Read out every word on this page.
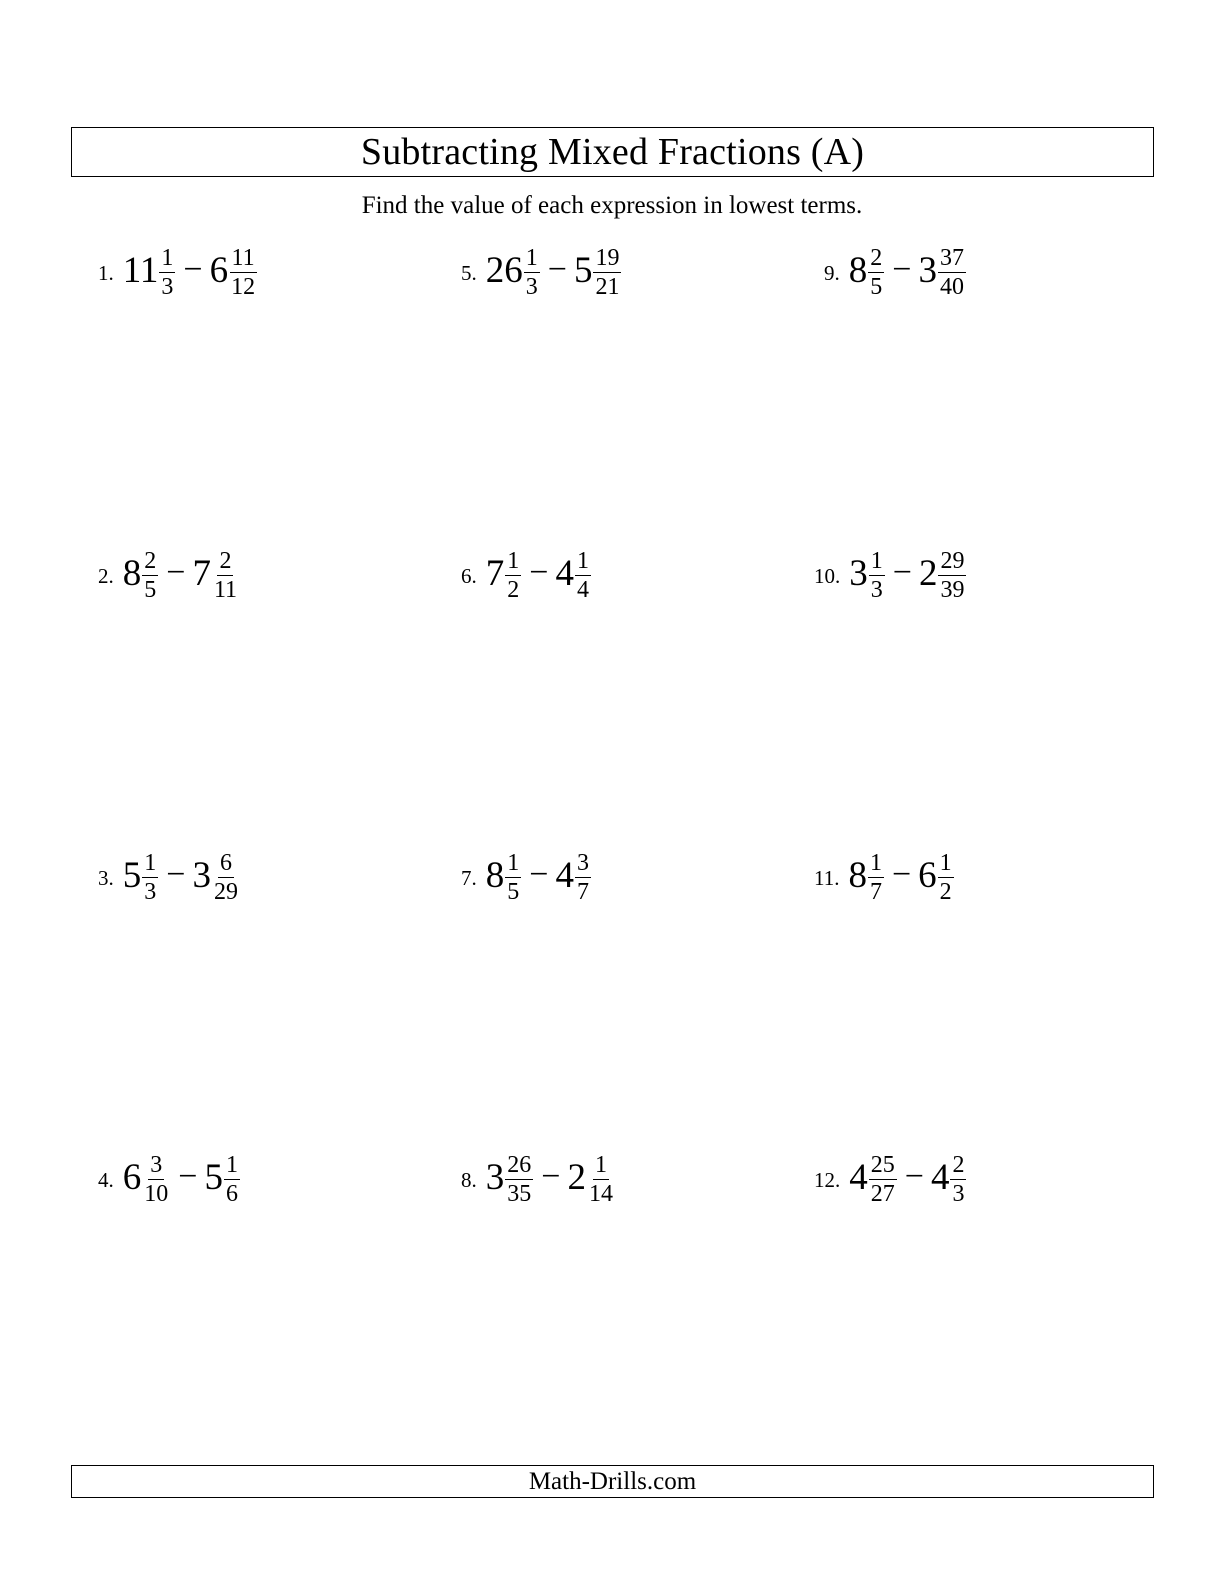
Subtracting Mixed Fractions (A)
Find the value of each expression in lowest terms.
1. $11 \frac{1}{3} - 6 \frac{11}{12}$
2. $8 \frac{2}{5} - 7 \frac{2}{11}$
3. $5 \frac{1}{3} - 3 \frac{6}{29}$
4. $6 \frac{3}{10} - 5 \frac{1}{6}$
5. $26 \frac{1}{3} - 5 \frac{19}{21}$
6. $7 \frac{1}{2} - 4 \frac{1}{4}$
7. $8 \frac{1}{5} - 4 \frac{3}{7}$
8. $3 \frac{26}{35} - 2 \frac{1}{14}$
9. $8 \frac{2}{5} - 3 \frac{37}{40}$
10. $3 \frac{1}{3} - 2 \frac{29}{39}$
11. $8 \frac{1}{7} - 6 \frac{1}{2}$
12. $4 \frac{25}{27} - 4 \frac{2}{3}$
Math-Drills.com
